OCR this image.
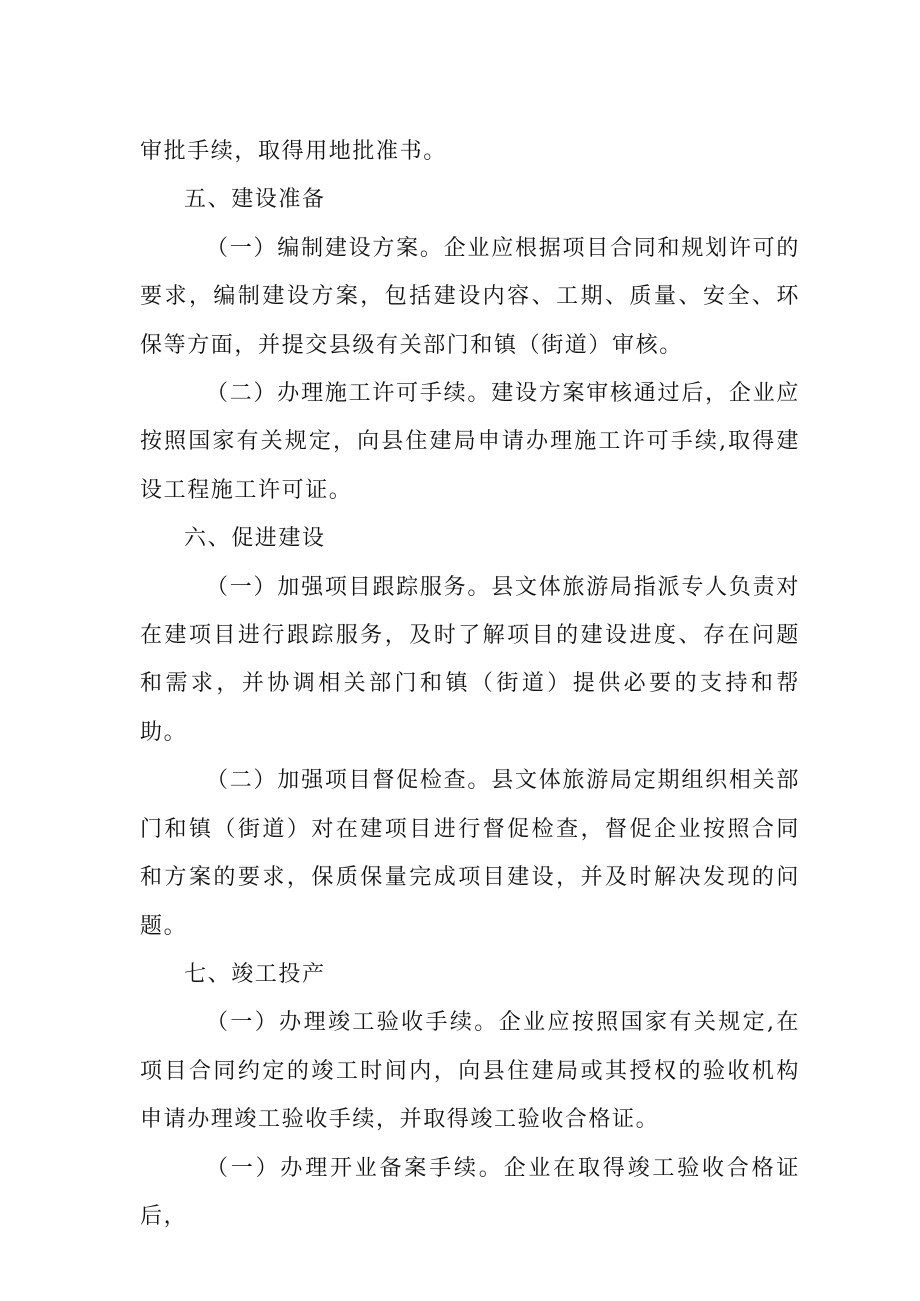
审批手续，取得用地批准书。

五、建设准备

（一）编制建设方案。企业应根据项目合同和规划许可的要求，编制建设方案，包括建设内容、工期、质量、安全、环保等方面，并提交县级有关部门和镇（街道）审核。

（二）办理施工许可手续。建设方案审核通过后，企业应按照国家有关规定，向县住建局申请办理施工许可手续,取得建设工程施工许可证。

六、促进建设

（一）加强项目跟踪服务。县文体旅游局指派专人负责对在建项目进行跟踪服务，及时了解项目的建设进度、存在问题和需求，并协调相关部门和镇（街道）提供必要的支持和帮助。

（二）加强项目督促检查。县文体旅游局定期组织相关部门和镇（街道）对在建项目进行督促检查，督促企业按照合同和方案的要求，保质保量完成项目建设，并及时解决发现的问题。

七、竣工投产

（一）办理竣工验收手续。企业应按照国家有关规定,在项目合同约定的竣工时间内，向县住建局或其授权的验收机构申请办理竣工验收手续，并取得竣工验收合格证。

（一）办理开业备案手续。企业在取得竣工验收合格证后，
